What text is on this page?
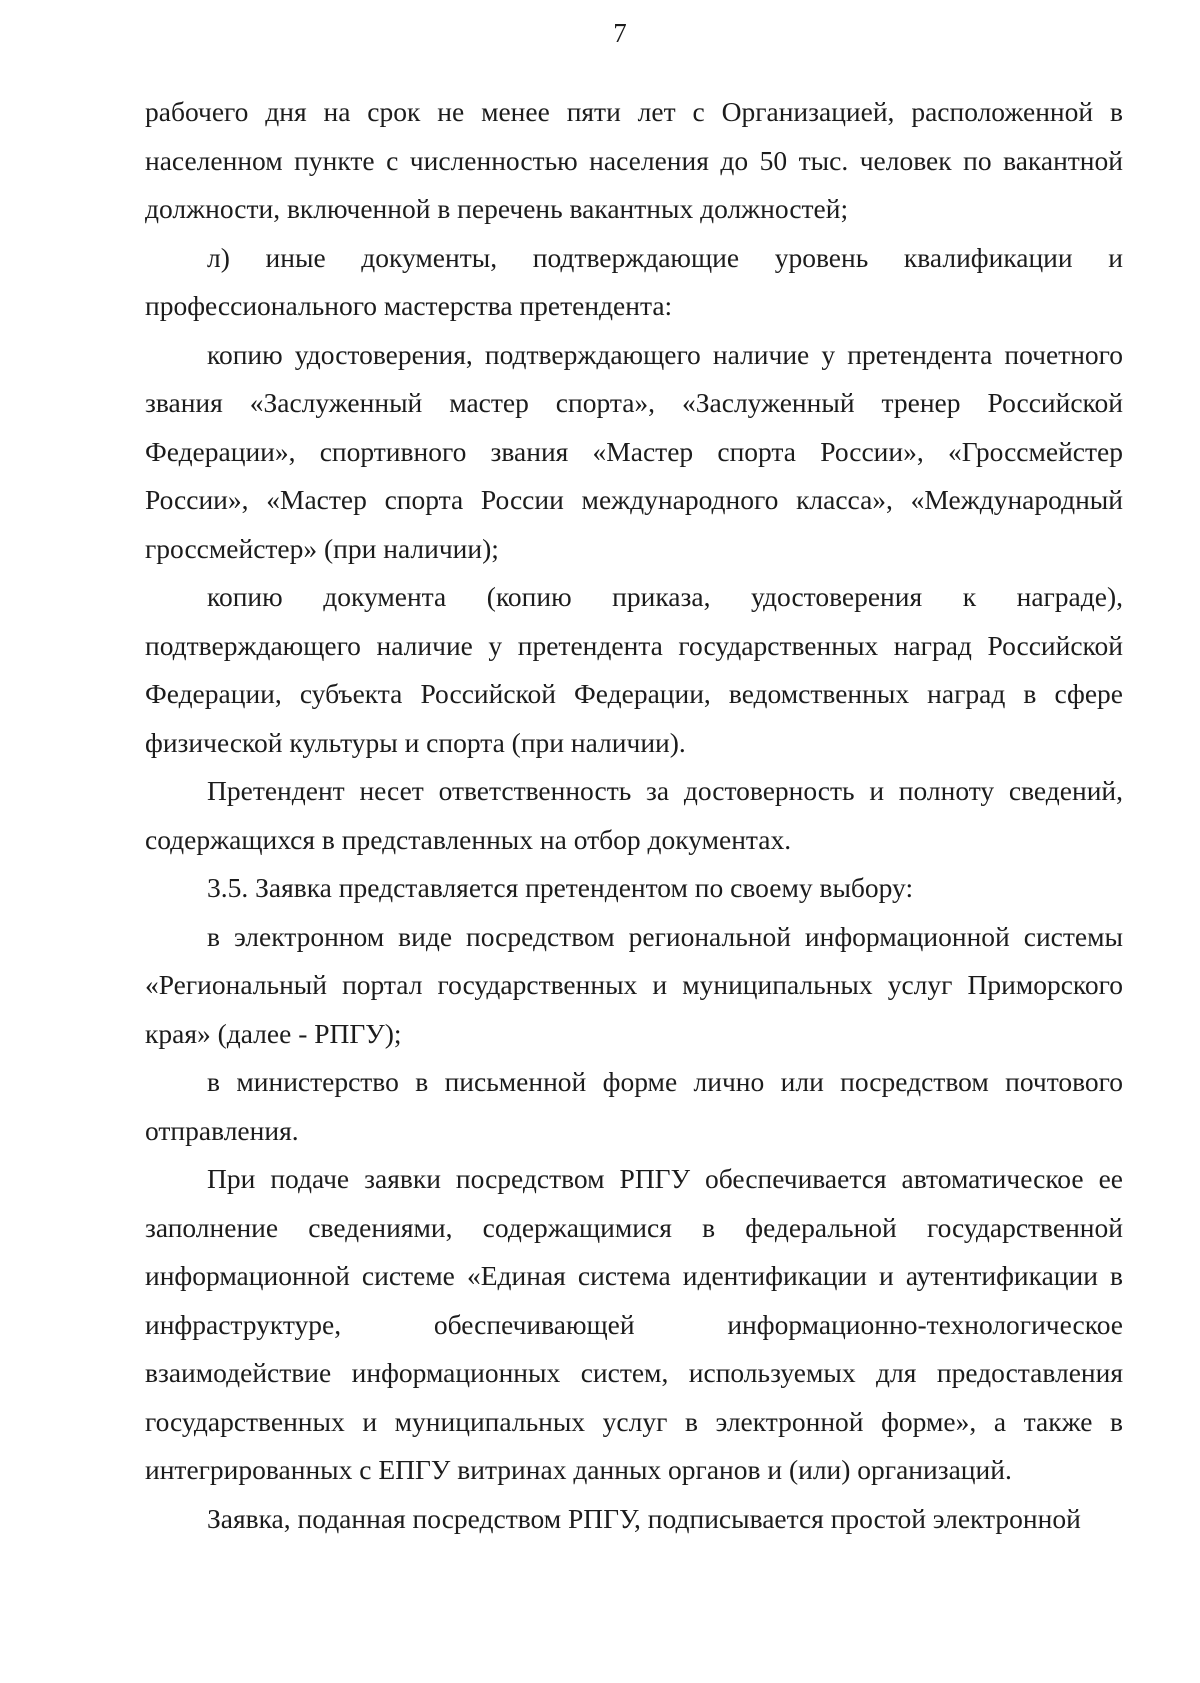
7

рабочего дня на срок не менее пяти лет с Организацией, расположенной в населенном пункте с численностью населения до 50 тыс. человек по вакантной должности, включенной в перечень вакантных должностей;

л) иные документы, подтверждающие уровень квалификации и профессионального мастерства претендента:

копию удостоверения, подтверждающего наличие у претендента почетного звания «Заслуженный мастер спорта», «Заслуженный тренер Российской Федерации», спортивного звания «Мастер спорта России», «Гроссмейстер России», «Мастер спорта России международного класса», «Международный гроссмейстер» (при наличии);

копию документа (копию приказа, удостоверения к награде), подтверждающего наличие у претендента государственных наград Российской Федерации, субъекта Российской Федерации, ведомственных наград в сфере физической культуры и спорта (при наличии).

Претендент несет ответственность за достоверность и полноту сведений, содержащихся в представленных на отбор документах.

3.5. Заявка представляется претендентом по своему выбору:

в электронном виде посредством региональной информационной системы «Региональный портал государственных и муниципальных услуг Приморского края» (далее - РПГУ);

в министерство в письменной форме лично или посредством почтового отправления.

При подаче заявки посредством РПГУ обеспечивается автоматическое ее заполнение сведениями, содержащимися в федеральной государственной информационной системе «Единая система идентификации и аутентификации в инфраструктуре, обеспечивающей информационно-технологическое взаимодействие информационных систем, используемых для предоставления государственных и муниципальных услуг в электронной форме», а также в интегрированных с ЕПГУ витринах данных органов и (или) организаций.

Заявка, поданная посредством РПГУ, подписывается простой электронной
